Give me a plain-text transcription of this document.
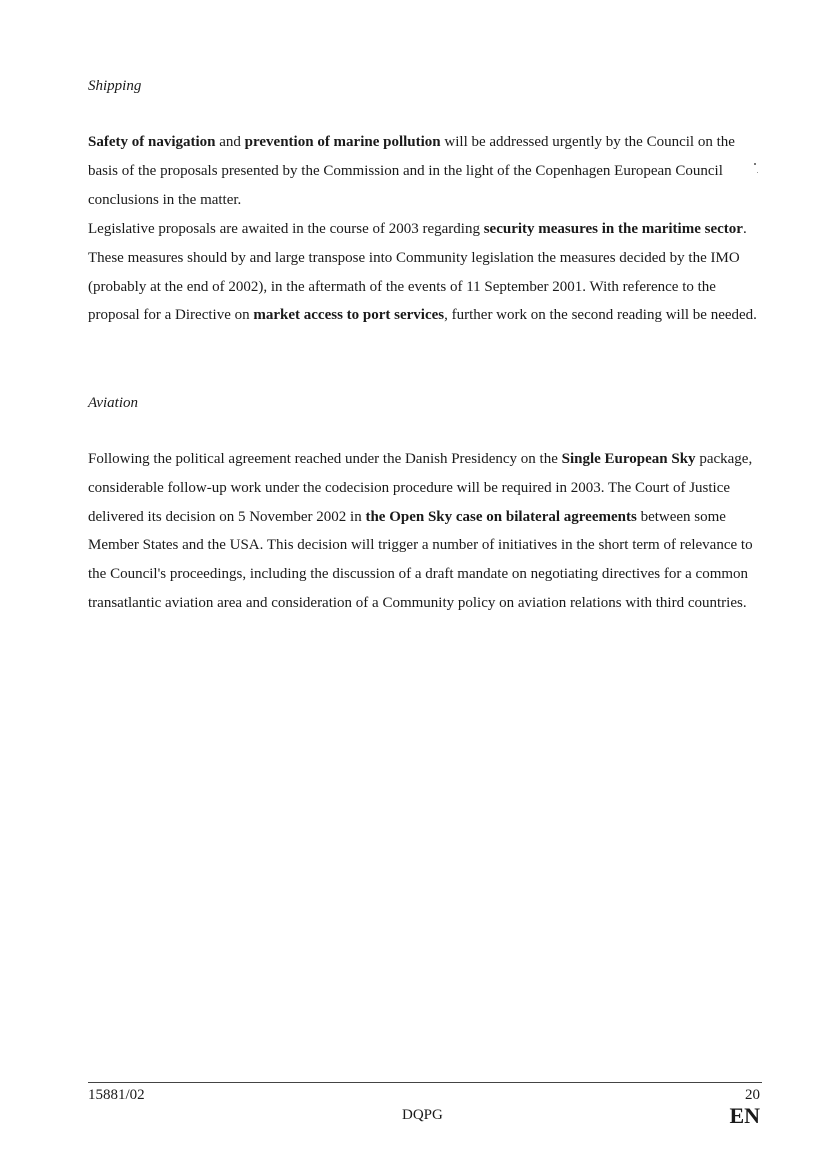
Shipping

Safety of navigation and prevention of marine pollution will be addressed urgently by the Council on the basis of the proposals presented by the Commission and in the light of the Copenhagen European Council conclusions in the matter.

Legislative proposals are awaited in the course of 2003 regarding security measures in the maritime sector. These measures should by and large transpose into Community legislation the measures decided by the IMO (probably at the end of 2002), in the aftermath of the events of 11 September 2001. With reference to the proposal for a Directive on market access to port services, further work on the second reading will be needed.

Aviation

Following the political agreement reached under the Danish Presidency on the Single European Sky package, considerable follow-up work under the codecision procedure will be required in 2003. The Court of Justice delivered its decision on 5 November 2002 in the Open Sky case on bilateral agreements between some Member States and the USA. This decision will trigger a number of initiatives in the short term of relevance to the Council's proceedings, including the discussion of a draft mandate on negotiating directives for a common transatlantic aviation area and consideration of a Community policy on aviation relations with third countries.

15881/02	20
DQPG	EN
